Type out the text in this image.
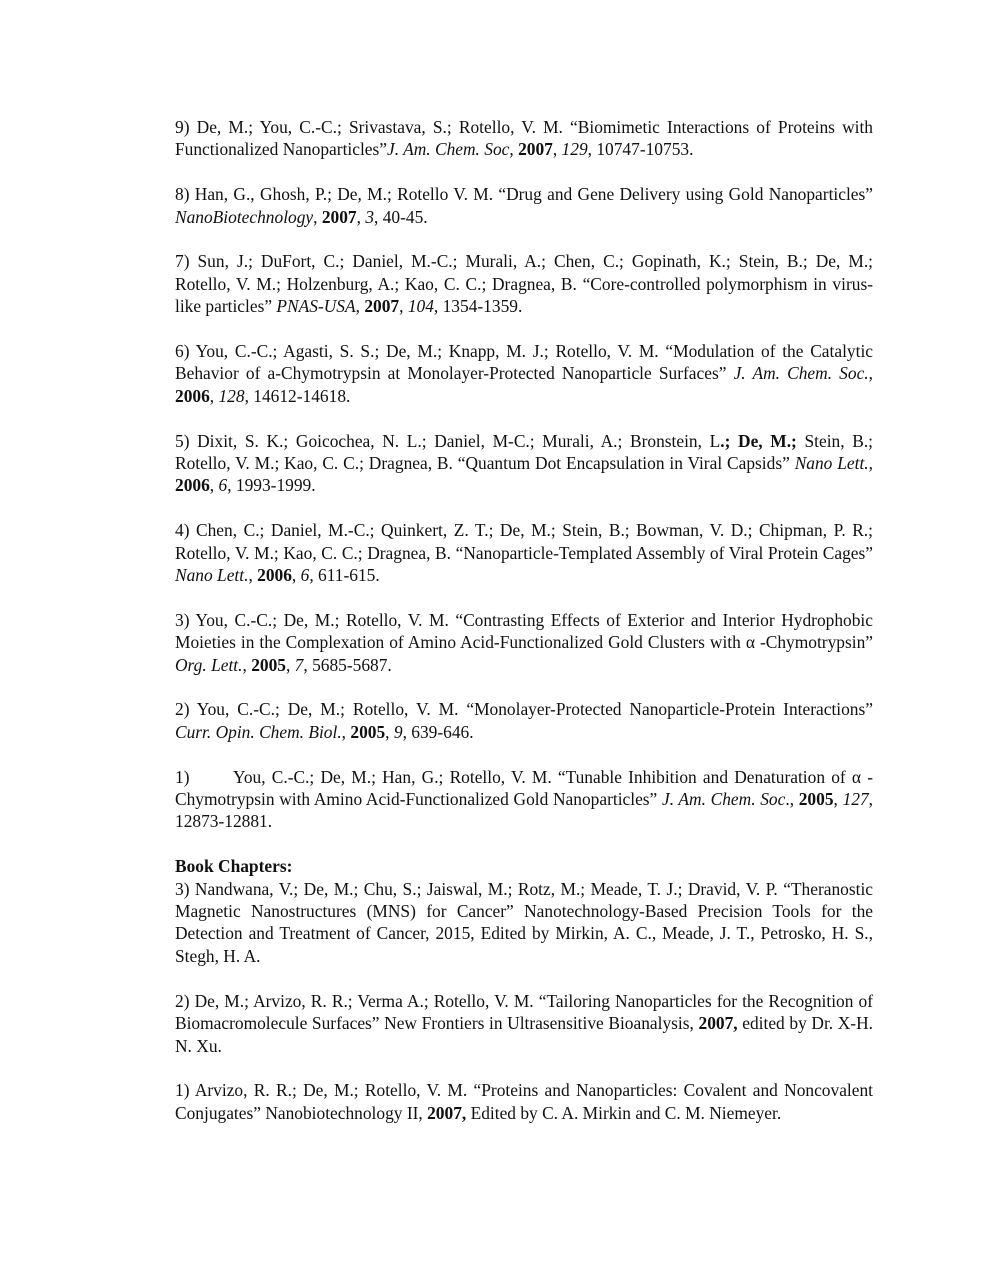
9) De, M.; You, C.-C.; Srivastava, S.; Rotello, V. M. “Biomimetic Interactions of Proteins with Functionalized Nanoparticles”J. Am. Chem. Soc, 2007, 129, 10747-10753.

8) Han, G., Ghosh, P.; De, M.; Rotello V. M. “Drug and Gene Delivery using Gold Nanoparticles” NanoBiotechnology, 2007, 3, 40-45.

7) Sun, J.; DuFort, C.; Daniel, M.-C.; Murali, A.; Chen, C.; Gopinath, K.; Stein, B.; De, M.; Rotello, V. M.; Holzenburg, A.; Kao, C. C.; Dragnea, B. “Core-controlled polymorphism in virus-like particles” PNAS-USA, 2007, 104, 1354-1359.

6) You, C.-C.; Agasti, S. S.; De, M.; Knapp, M. J.; Rotello, V. M. “Modulation of the Catalytic Behavior of a-Chymotrypsin at Monolayer-Protected Nanoparticle Surfaces” J. Am. Chem. Soc., 2006, 128, 14612-14618.

5) Dixit, S. K.; Goicochea, N. L.; Daniel, M-C.; Murali, A.; Bronstein, L.; De, M.; Stein, B.; Rotello, V. M.; Kao, C. C.; Dragnea, B. “Quantum Dot Encapsulation in Viral Capsids” Nano Lett., 2006, 6, 1993-1999.

4) Chen, C.; Daniel, M.-C.; Quinkert, Z. T.; De, M.; Stein, B.; Bowman, V. D.; Chipman, P. R.; Rotello, V. M.; Kao, C. C.; Dragnea, B. “Nanoparticle-Templated Assembly of Viral Protein Cages” Nano Lett., 2006, 6, 611-615.

3) You, C.-C.; De, M.; Rotello, V. M. “Contrasting Effects of Exterior and Interior Hydrophobic Moieties in the Complexation of Amino Acid-Functionalized Gold Clusters with α -Chymotrypsin” Org. Lett., 2005, 7, 5685-5687.

2) You, C.-C.; De, M.; Rotello, V. M. “Monolayer-Protected Nanoparticle-Protein Interactions” Curr. Opin. Chem. Biol., 2005, 9, 639-646.

1)	You, C.-C.; De, M.; Han, G.; Rotello, V. M. “Tunable Inhibition and Denaturation of α -Chymotrypsin with Amino Acid-Functionalized Gold Nanoparticles” J. Am. Chem. Soc., 2005, 127, 12873-12881.

Book Chapters:

3) Nandwana, V.; De, M.; Chu, S.; Jaiswal, M.; Rotz, M.; Meade, T. J.; Dravid, V. P. “Theranostic Magnetic Nanostructures (MNS) for Cancer” Nanotechnology-Based Precision Tools for the Detection and Treatment of Cancer, 2015, Edited by Mirkin, A. C., Meade, J. T., Petrosko, H. S., Stegh, H. A.

2) De, M.; Arvizo, R. R.; Verma A.; Rotello, V. M. “Tailoring Nanoparticles for the Recognition of Biomacromolecule Surfaces” New Frontiers in Ultrasensitive Bioanalysis, 2007, edited by Dr. X-H. N. Xu.

1) Arvizo, R. R.; De, M.; Rotello, V. M. “Proteins and Nanoparticles: Covalent and Noncovalent Conjugates” Nanobiotechnology II, 2007, Edited by C. A. Mirkin and C. M. Niemeyer.
